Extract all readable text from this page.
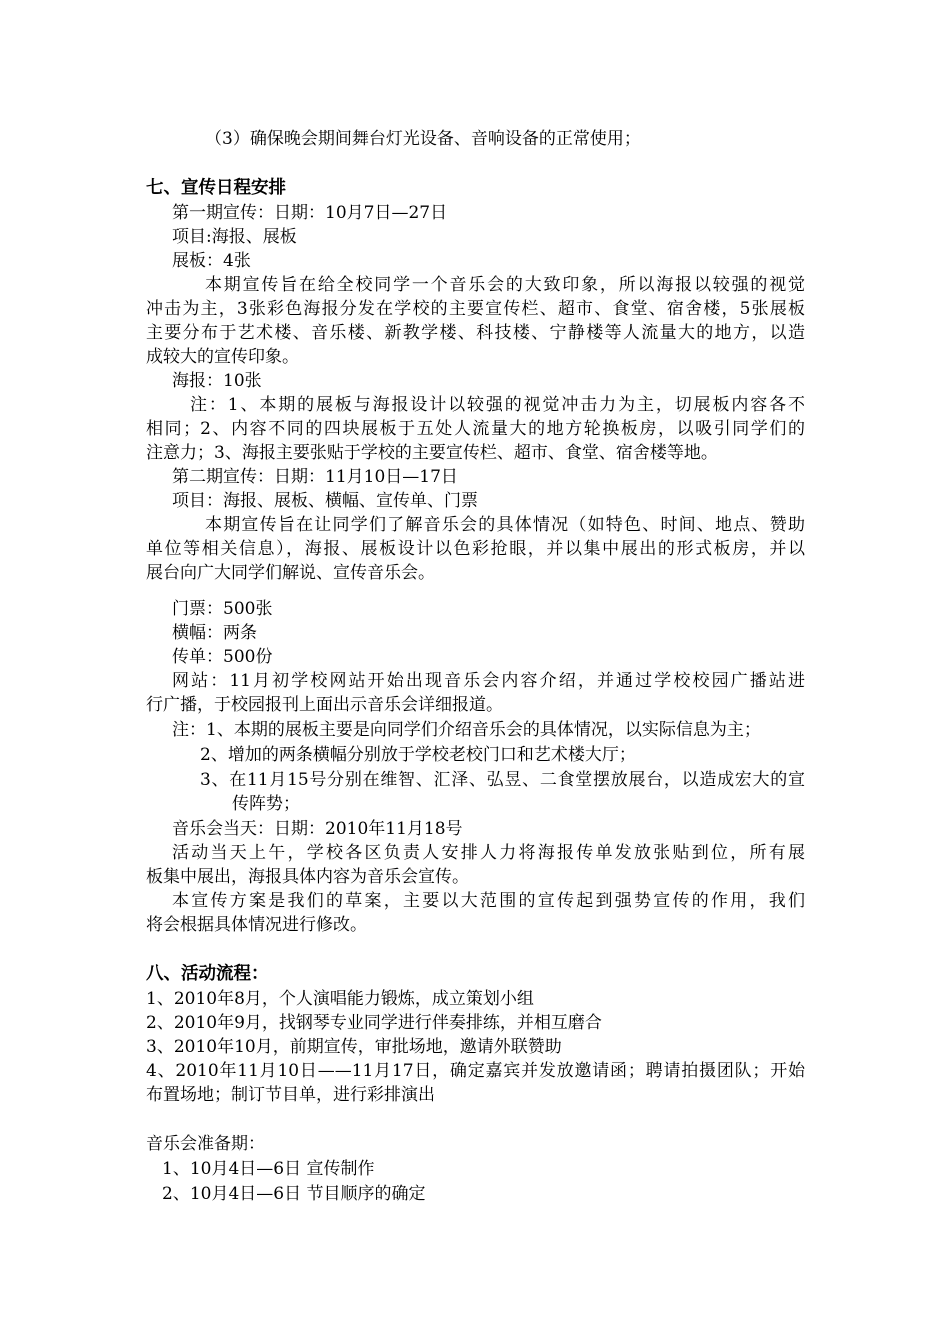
（3）确保晚会期间舞台灯光设备、音响设备的正常使用；
七、宣传日程安排
第一期宣传：日期：10月7日—27日
项目:海报、展板
展板：4张
本期宣传旨在给全校同学一个音乐会的大致印象，所以海报以较强的视觉
冲击为主，3张彩色海报分发在学校的主要宣传栏、超市、食堂、宿舍楼，5张展板
主要分布于艺术楼、音乐楼、新教学楼、科技楼、宁静楼等人流量大的地方，以造
成较大的宣传印象。
海报：10张
注：1、本期的展板与海报设计以较强的视觉冲击力为主，切展板内容各不
相同；2、内容不同的四块展板于五处人流量大的地方轮换板房，以吸引同学们的
注意力；3、海报主要张贴于学校的主要宣传栏、超市、食堂、宿舍楼等地。
第二期宣传：日期：11月10日—17日
项目：海报、展板、横幅、宣传单、门票
本期宣传旨在让同学们了解音乐会的具体情况（如特色、时间、地点、赞助
单位等相关信息），海报、展板设计以色彩抢眼，并以集中展出的形式板房，并以
展台向广大同学们解说、宣传音乐会。
门票：500张
横幅：两条
传单：500份
网站：11月初学校网站开始出现音乐会内容介绍，并通过学校校园广播站进
行广播，于校园报刊上面出示音乐会详细报道。
注：1、本期的展板主要是向同学们介绍音乐会的具体情况，以实际信息为主；
2、增加的两条横幅分别放于学校老校门口和艺术楼大厅；
3、在11月15号分别在维智、汇泽、弘昱、二食堂摆放展台，以造成宏大的宣
传阵势；
音乐会当天：日期：2010年11月18号
活动当天上午，学校各区负责人安排人力将海报传单发放张贴到位，所有展
板集中展出，海报具体内容为音乐会宣传。
本宣传方案是我们的草案，主要以大范围的宣传起到强势宣传的作用，我们
将会根据具体情况进行修改。
八、活动流程：
1、2010年8月，个人演唱能力锻炼，成立策划小组
2、2010年9月，找钢琴专业同学进行伴奏排练，并相互磨合
3、2010年10月，前期宣传，审批场地，邀请外联赞助
4、2010年11月10日——11月17日，确定嘉宾并发放邀请函；聘请拍摄团队；开始
布置场地；制订节目单，进行彩排演出
音乐会准备期：
1、10月4日—6日 宣传制作
2、10月4日—6日 节目顺序的确定
